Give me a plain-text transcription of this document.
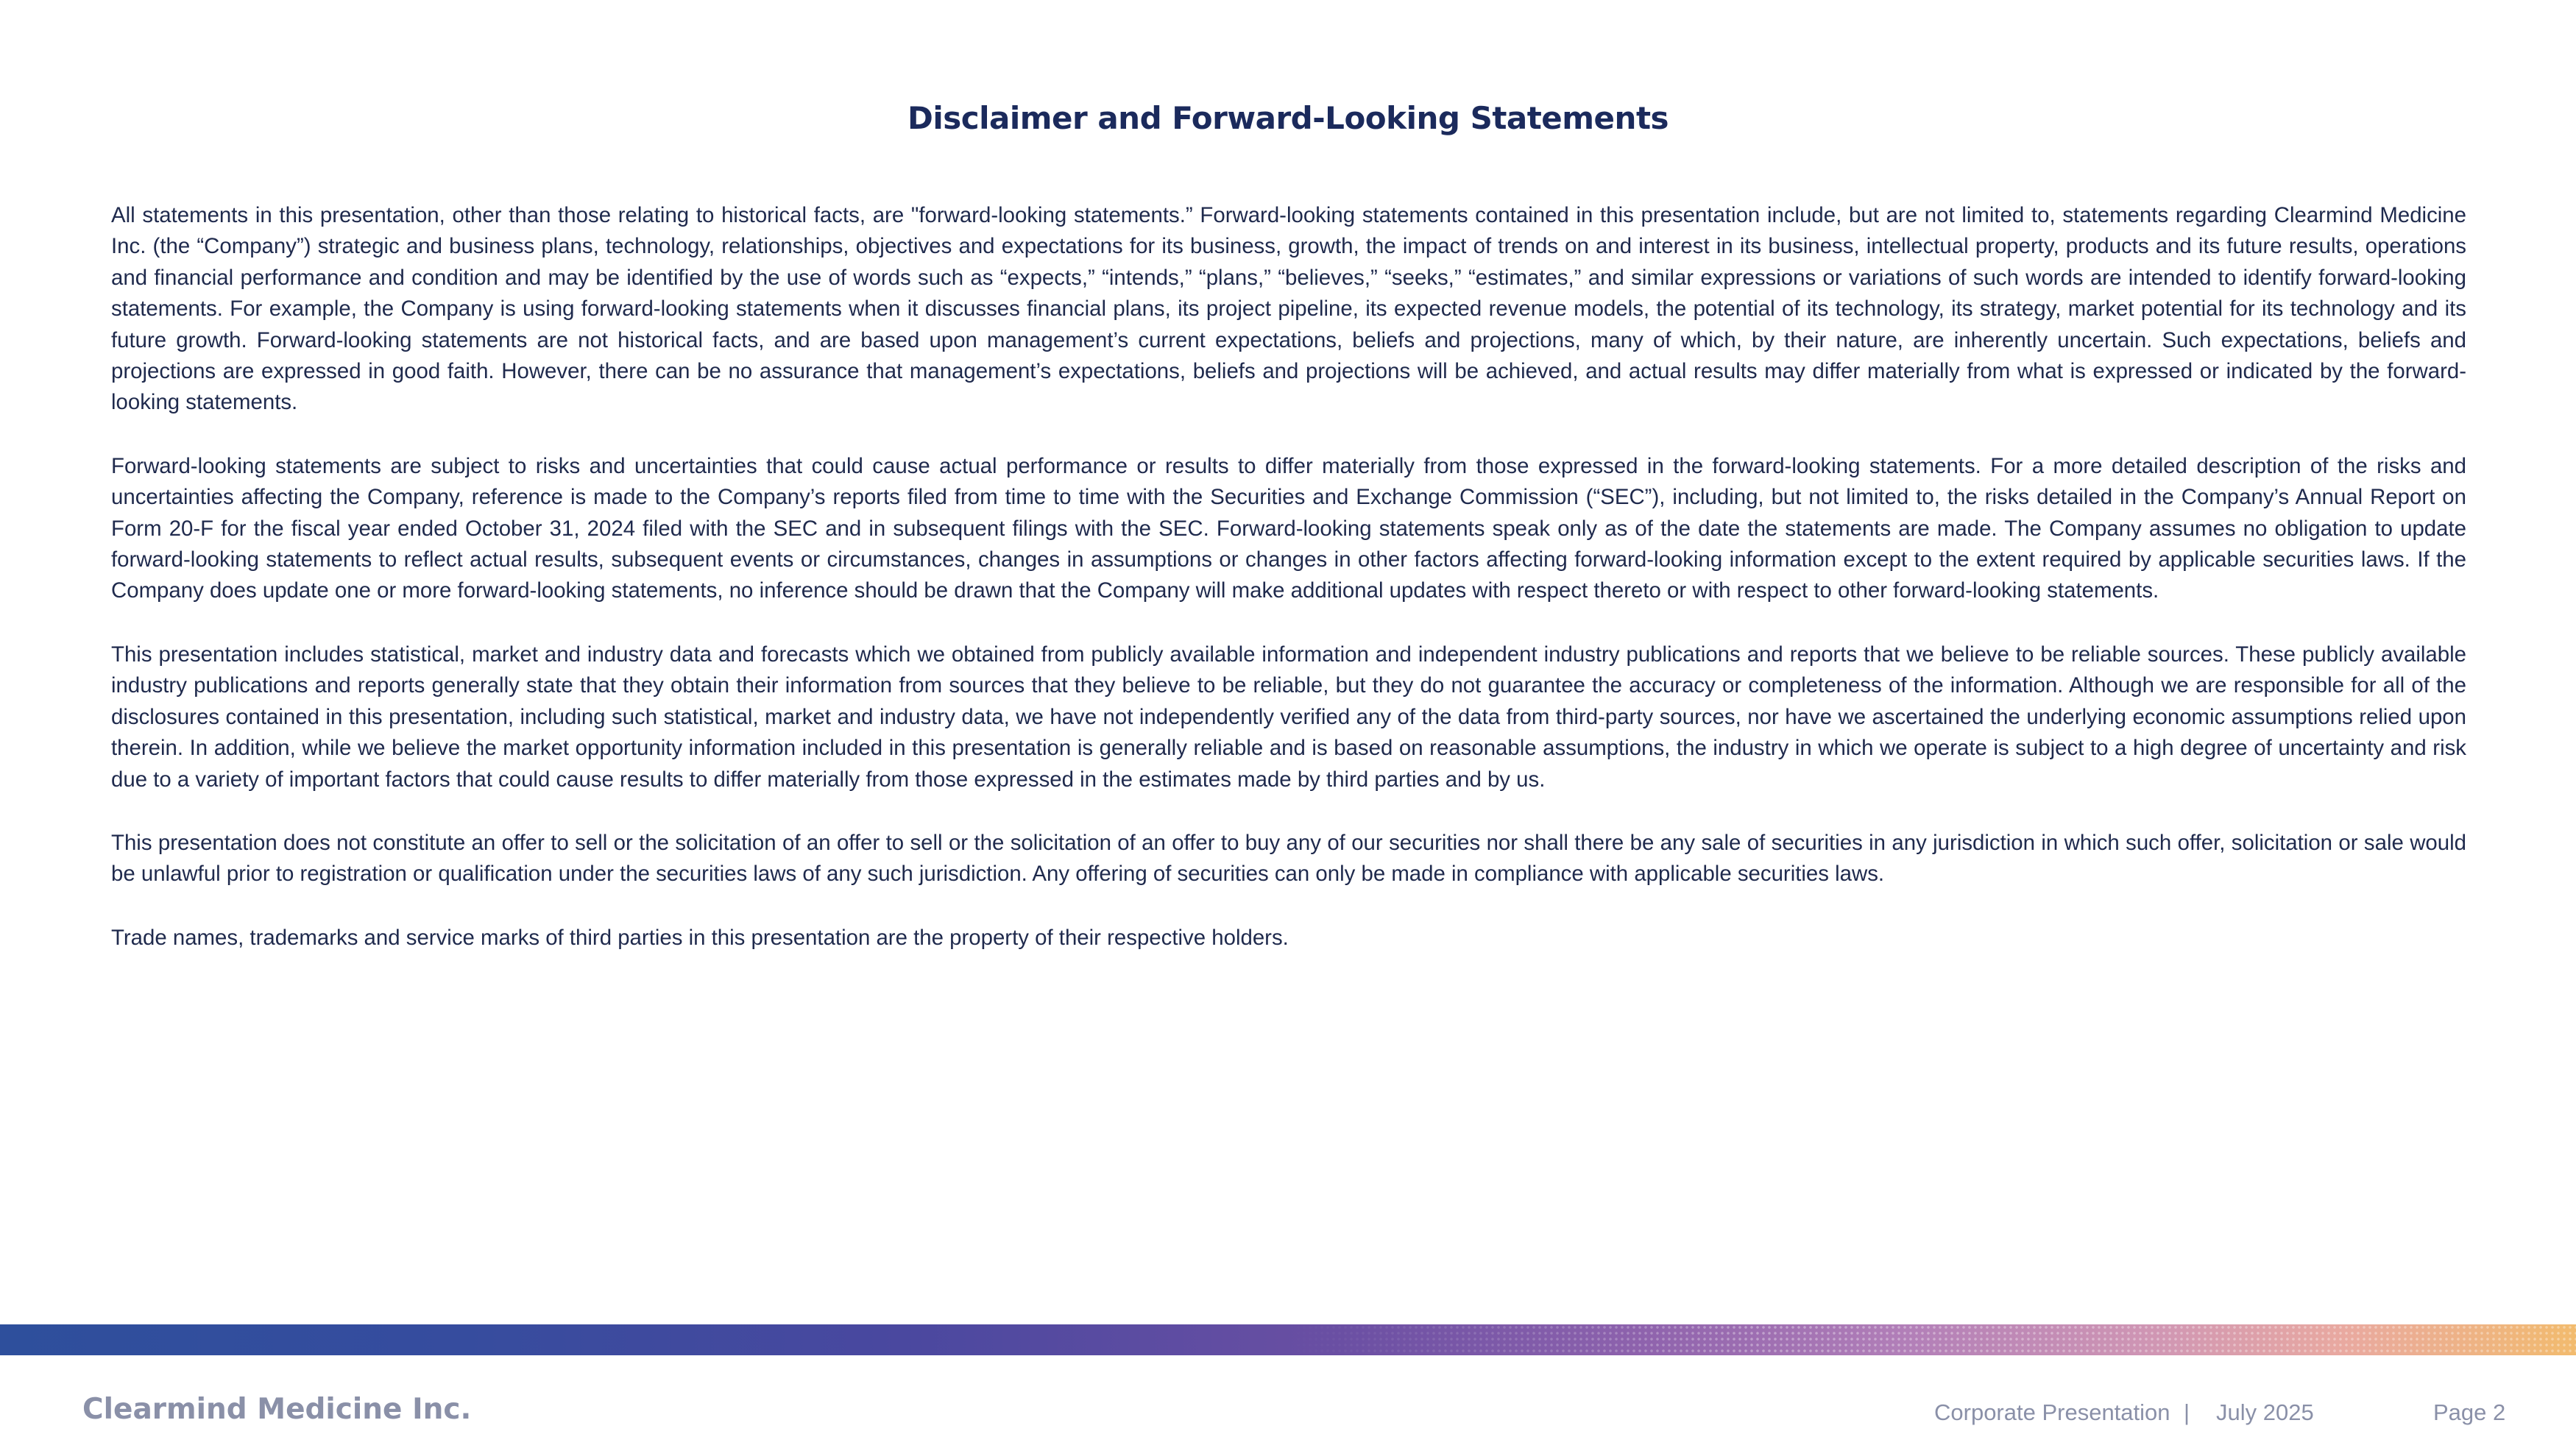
Disclaimer and Forward-Looking Statements

All statements in this presentation, other than those relating to historical facts, are "forward-looking statements.” Forward-looking statements contained in this presentation include, but are not limited to, statements regarding Clearmind Medicine Inc. (the “Company”) strategic and business plans, technology, relationships, objectives and expectations for its business, growth, the impact of trends on and interest in its business, intellectual property, products and its future results, operations and financial performance and condition and may be identified by the use of words such as “expects,” “intends,” “plans,” “believes,” “seeks,” “estimates,” and similar expressions or variations of such words are intended to identify forward-looking statements. For example, the Company is using forward-looking statements when it discusses financial plans, its project pipeline, its expected revenue models, the potential of its technology, its strategy, market potential for its technology and its future growth. Forward-looking statements are not historical facts, and are based upon management’s current expectations, beliefs and projections, many of which, by their nature, are inherently uncertain. Such expectations, beliefs and projections are expressed in good faith. However, there can be no assurance that management’s expectations, beliefs and projections will be achieved, and actual results may differ materially from what is expressed or indicated by the forward-looking statements.

Forward-looking statements are subject to risks and uncertainties that could cause actual performance or results to differ materially from those expressed in the forward-looking statements. For a more detailed description of the risks and uncertainties affecting the Company, reference is made to the Company’s reports filed from time to time with the Securities and Exchange Commission (“SEC”), including, but not limited to, the risks detailed in the Company’s Annual Report on Form 20-F for the fiscal year ended October 31, 2024 filed with the SEC and in subsequent filings with the SEC. Forward-looking statements speak only as of the date the statements are made. The Company assumes no obligation to update forward-looking statements to reflect actual results, subsequent events or circumstances, changes in assumptions or changes in other factors affecting forward-looking information except to the extent required by applicable securities laws. If the Company does update one or more forward-looking statements, no inference should be drawn that the Company will make additional updates with respect thereto or with respect to other forward-looking statements.

This presentation includes statistical, market and industry data and forecasts which we obtained from publicly available information and independent industry publications and reports that we believe to be reliable sources. These publicly available industry publications and reports generally state that they obtain their information from sources that they believe to be reliable, but they do not guarantee the accuracy or completeness of the information. Although we are responsible for all of the disclosures contained in this presentation, including such statistical, market and industry data, we have not independently verified any of the data from third-party sources, nor have we ascertained the underlying economic assumptions relied upon therein. In addition, while we believe the market opportunity information included in this presentation is generally reliable and is based on reasonable assumptions, the industry in which we operate is subject to a high degree of uncertainty and risk due to a variety of important factors that could cause results to differ materially from those expressed in the estimates made by third parties and by us.

This presentation does not constitute an offer to sell or the solicitation of an offer to sell or the solicitation of an offer to buy any of our securities nor shall there be any sale of securities in any jurisdiction in which such offer, solicitation or sale would be unlawful prior to registration or qualification under the securities laws of any such jurisdiction. Any offering of securities can only be made in compliance with applicable securities laws.

Trade names, trademarks and service marks of third parties in this presentation are the property of their respective holders.

Clearmind Medicine Inc.	Corporate Presentation | July 2025	Page 2
